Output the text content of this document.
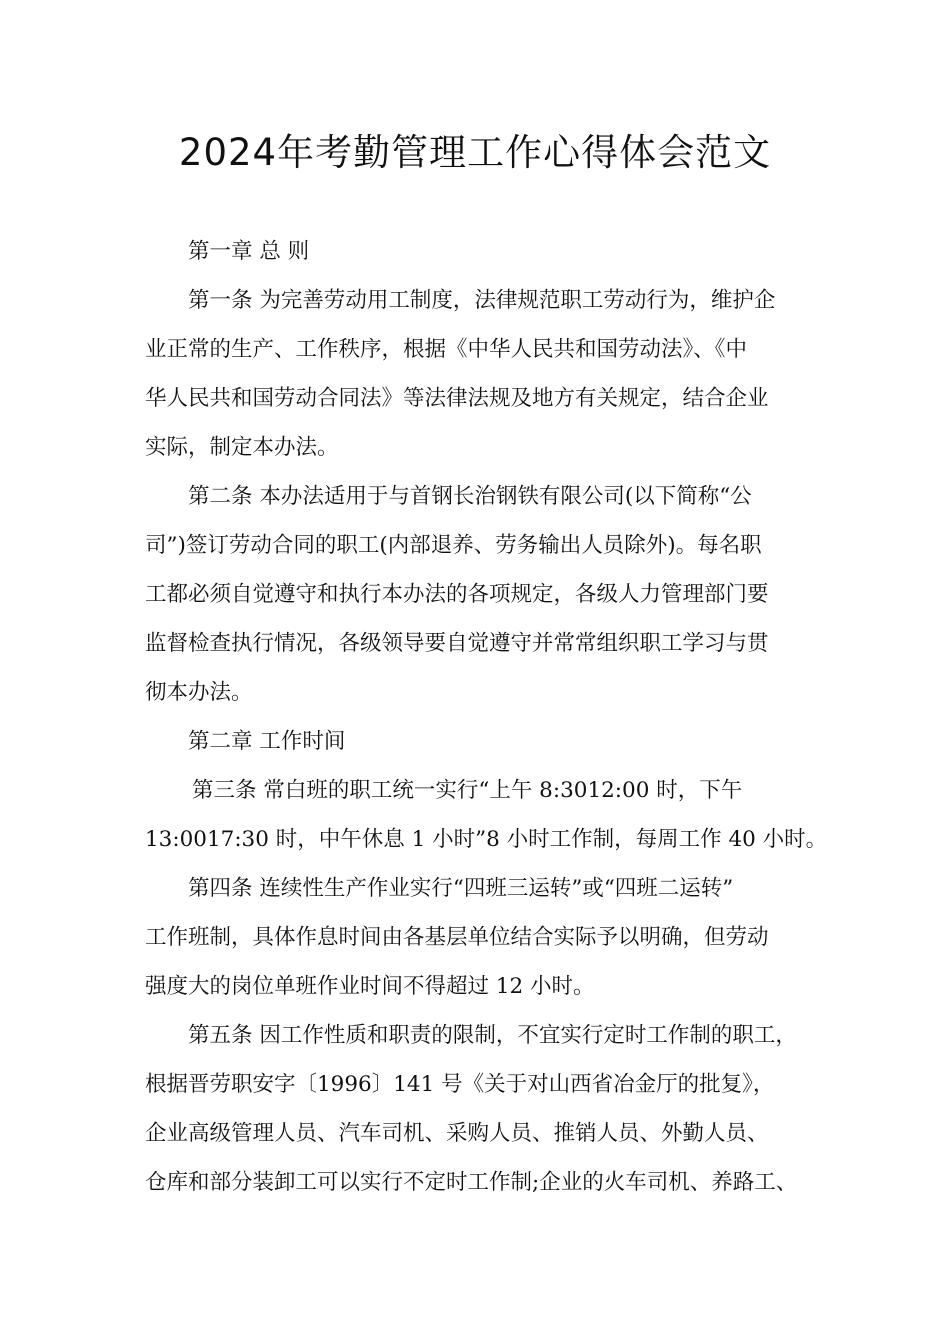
2024年考勤管理工作心得体会范文

第一章 总 则

第一条 为完善劳动用工制度，法律规范职工劳动行为，维护企
业正常的生产、工作秩序，根据《中华人民共和国劳动法》、《中
华人民共和国劳动合同法》等法律法规及地方有关规定，结合企业
实际，制定本办法。

第二条 本办法适用于与首钢长治钢铁有限公司(以下简称“公
司”)签订劳动合同的职工(内部退养、劳务输出人员除外)。每名职
工都必须自觉遵守和执行本办法的各项规定，各级人力管理部门要
监督检查执行情况，各级领导要自觉遵守并常常组织职工学习与贯
彻本办法。

第二章 工作时间

第三条 常白班的职工统一实行“上午 8:3012:00 时，下午
13:0017:30 时，中午休息 1 小时”8 小时工作制，每周工作 40 小时。

第四条 连续性生产作业实行“四班三运转”或“四班二运转”
工作班制，具体作息时间由各基层单位结合实际予以明确，但劳动
强度大的岗位单班作业时间不得超过 12 小时。

第五条 因工作性质和职责的限制，不宜实行定时工作制的职工，
根据晋劳职安字〔1996〕141 号《关于对山西省冶金厅的批复》，
企业高级管理人员、汽车司机、采购人员、推销人员、外勤人员、
仓库和部分装卸工可以实行不定时工作制;企业的火车司机、养路工、
